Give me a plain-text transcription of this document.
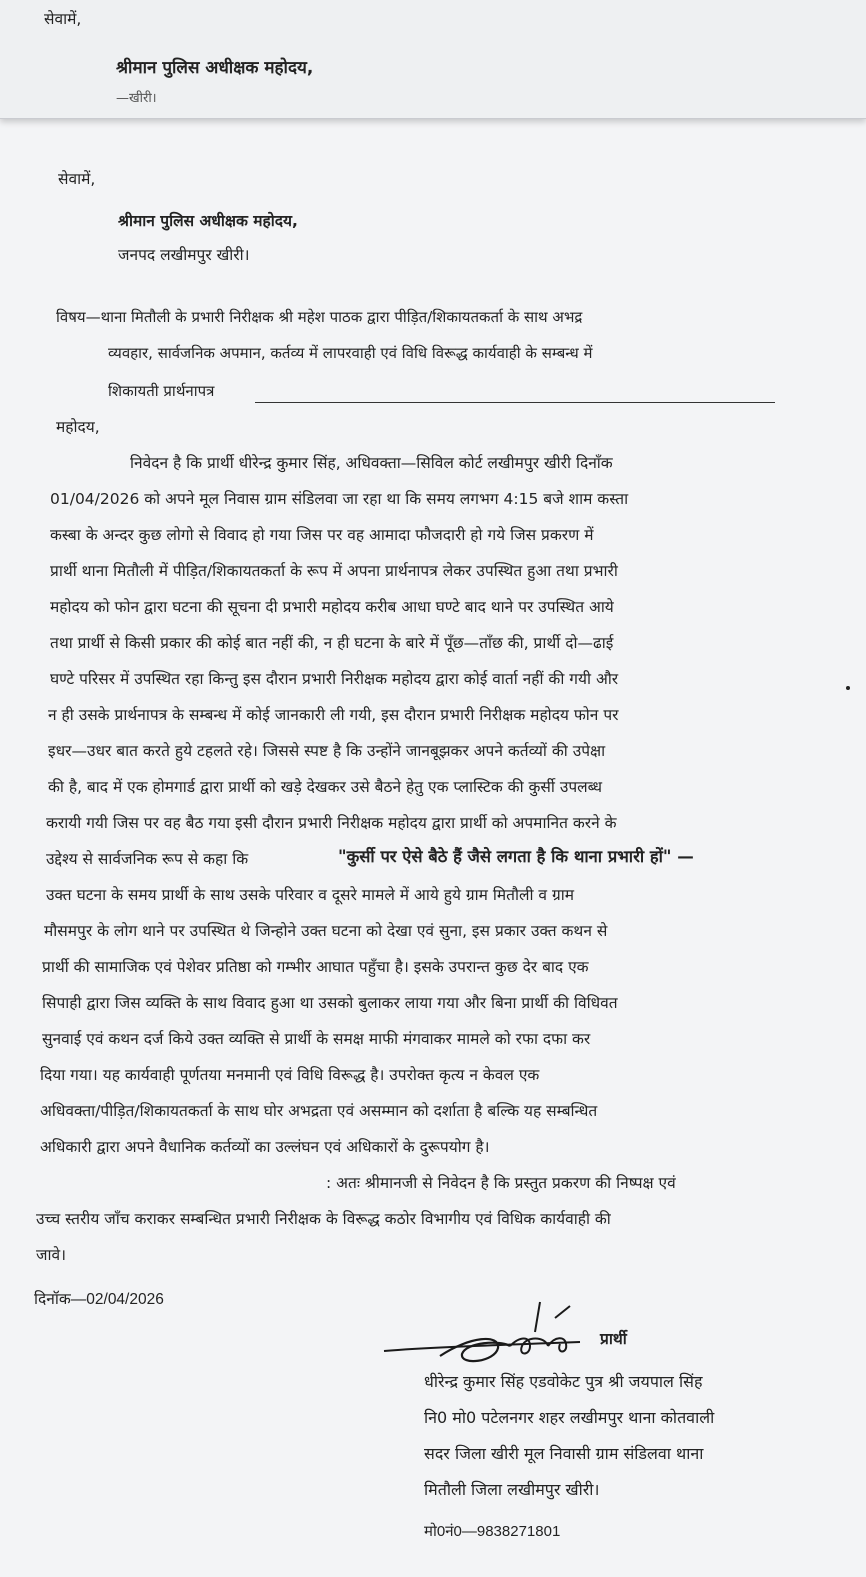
सेवामें,
श्रीमान पुलिस अधीक्षक महोदय,
—खीरी।
सेवामें,
श्रीमान पुलिस अधीक्षक महोदय,
जनपद लखीमपुर खीरी।
विषय—थाना मितौली के प्रभारी निरीक्षक श्री महेश पाठक द्वारा पीड़ित/शिकायतकर्ता के साथ अभद्र
व्यवहार, सार्वजनिक अपमान, कर्तव्य में लापरवाही एवं विधि विरूद्ध कार्यवाही के सम्बन्ध में
शिकायती प्रार्थनापत्र
महोदय,
निवेदन है कि प्रार्थी धीरेन्द्र कुमार सिंह, अधिवक्ता—सिविल कोर्ट लखीमपुर खीरी दिनाँक
01/04/2026 को अपने मूल निवास ग्राम संडिलवा जा रहा था कि समय लगभग 4:15 बजे शाम कस्ता
कस्बा के अन्दर कुछ लोगो से विवाद हो गया जिस पर वह आमादा फौजदारी हो गये जिस प्रकरण में
प्रार्थी थाना मितौली में पीड़ित/शिकायतकर्ता के रूप में अपना प्रार्थनापत्र लेकर उपस्थित हुआ तथा प्रभारी
महोदय को फोन द्वारा घटना की सूचना दी प्रभारी महोदय करीब आधा घण्टे बाद थाने पर उपस्थित आये
तथा प्रार्थी से किसी प्रकार की कोई बात नहीं की, न ही घटना के बारे में पूँछ—ताँछ की, प्रार्थी दो—ढाई
घण्टे परिसर में उपस्थित रहा किन्तु इस दौरान प्रभारी निरीक्षक महोदय द्वारा कोई वार्ता नहीं की गयी और
न ही उसके प्रार्थनापत्र के सम्बन्ध में कोई जानकारी ली गयी, इस दौरान प्रभारी निरीक्षक महोदय फोन पर
इधर—उधर बात करते हुये टहलते रहे। जिससे स्पष्ट है कि उन्होंने जानबूझकर अपने कर्तव्यों की उपेक्षा
की है, बाद में एक होमगार्ड द्वारा प्रार्थी को खड़े देखकर उसे बैठने हेतु एक प्लास्टिक की कुर्सी उपलब्ध
करायी गयी जिस पर वह बैठ गया इसी दौरान प्रभारी निरीक्षक महोदय द्वारा प्रार्थी को अपमानित करने के
उद्देश्य से सार्वजनिक रूप से कहा कि	"कुर्सी पर ऐसे बैठे हैं जैसे लगता है कि थाना प्रभारी हों" —
उक्त घटना के समय प्रार्थी के साथ उसके परिवार व दूसरे मामले में आये हुये ग्राम मितौली व ग्राम
मौसमपुर के लोग थाने पर उपस्थित थे जिन्होने उक्त घटना को देखा एवं सुना, इस प्रकार उक्त कथन से
प्रार्थी की सामाजिक एवं पेशेवर प्रतिष्ठा को गम्भीर आघात पहुँचा है। इसके उपरान्त कुछ देर बाद एक
सिपाही द्वारा जिस व्यक्ति के साथ विवाद हुआ था उसको बुलाकर लाया गया और बिना प्रार्थी की विधिवत
सुनवाई एवं कथन दर्ज किये उक्त व्यक्ति से प्रार्थी के समक्ष माफी मंगवाकर मामले को रफा दफा कर
दिया गया। यह कार्यवाही पूर्णतया मनमानी एवं विधि विरूद्ध है। उपरोक्त कृत्य न केवल एक
अधिवक्ता/पीड़ित/शिकायतकर्ता के साथ घोर अभद्रता एवं असम्मान को दर्शाता है बल्कि यह सम्बन्धित
अधिकारी द्वारा अपने वैधानिक कर्तव्यों का उल्लंघन एवं अधिकारों के दुरूपयोग है।
: अतः श्रीमानजी से निवेदन है कि प्रस्तुत प्रकरण की निष्पक्ष एवं
उच्च स्तरीय जाँच कराकर सम्बन्धित प्रभारी निरीक्षक के विरूद्ध कठोर विभागीय एवं विधिक कार्यवाही की
जावे।
दिनॉक—02/04/2026
प्रार्थी
धीरेन्द्र कुमार सिंह एडवोकेट पुत्र श्री जयपाल सिंह
नि0 मो0 पटेलनगर शहर लखीमपुर थाना कोतवाली
सदर जिला खीरी मूल निवासी ग्राम संडिलवा थाना
मितौली जिला लखीमपुर खीरी।
मो0नं0—9838271801
